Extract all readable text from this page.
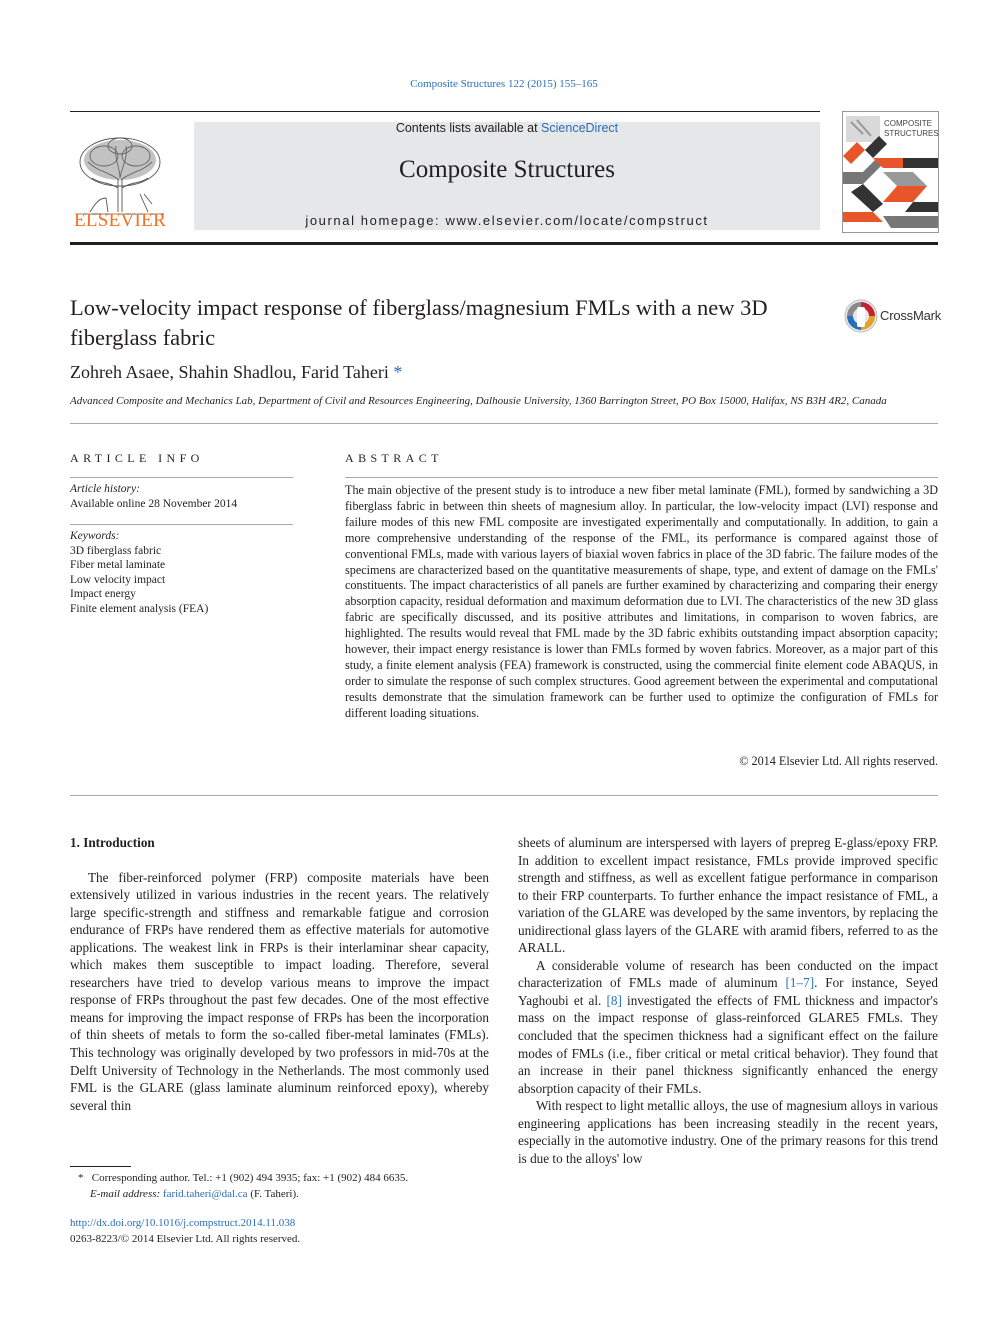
Composite Structures 122 (2015) 155–165
ELSEVIER
Contents lists available at ScienceDirect
Composite Structures
journal homepage: www.elsevier.com/locate/compstruct
COMPOSITE
STRUCTURES
Low-velocity impact response of fiberglass/magnesium FMLs with a new 3D fiberglass fabric
CrossMark
Zohreh Asaee, Shahin Shadlou, Farid Taheri *
Advanced Composite and Mechanics Lab, Department of Civil and Resources Engineering, Dalhousie University, 1360 Barrington Street, PO Box 15000, Halifax, NS B3H 4R2, Canada
ARTICLE INFO
Article history:
Available online 28 November 2014
Keywords:
3D fiberglass fabric
Fiber metal laminate
Low velocity impact
Impact energy
Finite element analysis (FEA)
ABSTRACT
The main objective of the present study is to introduce a new fiber metal laminate (FML), formed by sandwiching a 3D fiberglass fabric in between thin sheets of magnesium alloy. In particular, the low-velocity impact (LVI) response and failure modes of this new FML composite are investigated experimentally and computationally. In addition, to gain a more comprehensive understanding of the response of the FML, its performance is compared against those of conventional FMLs, made with various layers of biaxial woven fabrics in place of the 3D fabric. The failure modes of the specimens are characterized based on the quantitative measurements of shape, type, and extent of damage on the FMLs' constituents. The impact characteristics of all panels are further examined by characterizing and comparing their energy absorption capacity, residual deformation and maximum deformation due to LVI. The characteristics of the new 3D glass fabric are specifically discussed, and its positive attributes and limitations, in comparison to woven fabrics, are highlighted. The results would reveal that FML made by the 3D fabric exhibits outstanding impact absorption capacity; however, their impact energy resistance is lower than FMLs formed by woven fabrics. Moreover, as a major part of this study, a finite element analysis (FEA) framework is constructed, using the commercial finite element code ABAQUS, in order to simulate the response of such complex structures. Good agreement between the experimental and computational results demonstrate that the simulation framework can be further used to optimize the configuration of FMLs for different loading situations.
© 2014 Elsevier Ltd. All rights reserved.
1. Introduction

The fiber-reinforced polymer (FRP) composite materials have been extensively utilized in various industries in the recent years. The relatively large specific-strength and stiffness and remarkable fatigue and corrosion endurance of FRPs have rendered them as effective materials for automotive applications. The weakest link in FRPs is their interlaminar shear capacity, which makes them susceptible to impact loading. Therefore, several researchers have tried to develop various means to improve the impact response of FRPs throughout the past few decades. One of the most effective means for improving the impact response of FRPs has been the incorporation of thin sheets of metals to form the so-called fiber-metal laminates (FMLs). This technology was originally developed by two professors in mid-70s at the Delft University of Technology in the Netherlands. The most commonly used FML is the GLARE (glass laminate aluminum reinforced epoxy), whereby several thin

sheets of aluminum are interspersed with layers of prepreg E-glass/epoxy FRP. In addition to excellent impact resistance, FMLs provide improved specific strength and stiffness, as well as excellent fatigue performance in comparison to their FRP counterparts. To further enhance the impact resistance of FML, a variation of the GLARE was developed by the same inventors, by replacing the unidirectional glass layers of the GLARE with aramid fibers, referred to as the ARALL.

A considerable volume of research has been conducted on the impact characterization of FMLs made of aluminum [1–7]. For instance, Seyed Yaghoubi et al. [8] investigated the effects of FML thickness and impactor's mass on the impact response of glass-reinforced GLARE5 FMLs. They concluded that the specimen thickness had a significant effect on the failure modes of FMLs (i.e., fiber critical or metal critical behavior). They found that an increase in their panel thickness significantly enhanced the energy absorption capacity of their FMLs.

With respect to light metallic alloys, the use of magnesium alloys in various engineering applications has been increasing steadily in the recent years, especially in the automotive industry. One of the primary reasons for this trend is due to the alloys' low

* Corresponding author. Tel.: +1 (902) 494 3935; fax: +1 (902) 484 6635.
E-mail address: farid.taheri@dal.ca (F. Taheri).
http://dx.doi.org/10.1016/j.compstruct.2014.11.038
0263-8223/© 2014 Elsevier Ltd. All rights reserved.
